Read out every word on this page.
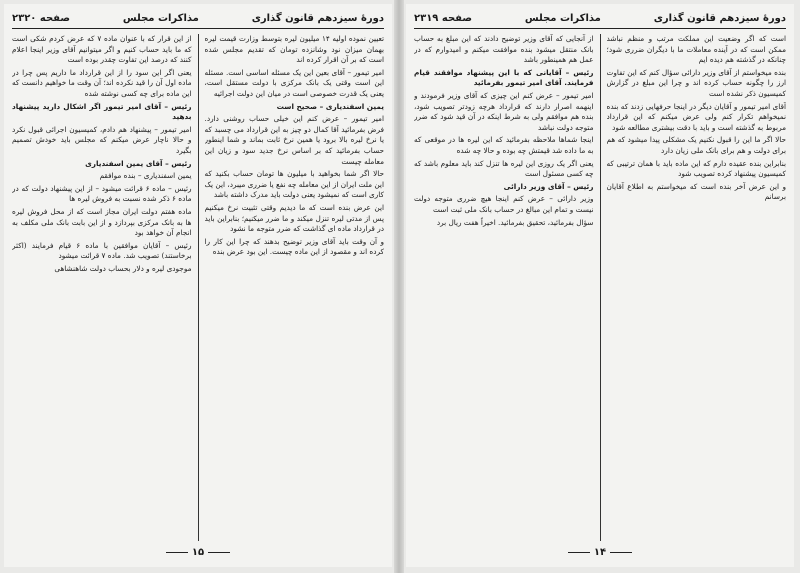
دورۀ سیزدهم قانون گذاری
مذاکرات مجلس
صفحه ۲۳۲۰

تعیین نموده اولیه ۱۴ میلیون لیره بتوسط وزارت قیمت لیره بهمان میزان نود وشانزده تومان که تقدیم مجلس شده است که بر آن اقرار کرده اند

امیر تیمور – آقای بعین این یک مسئله اساسی است. مسئله این است وقتی یک بانک مرکزی با دولت مستقل است، یعنی یک قدرت خصوصی است در میان این دولت اجرائیه

یمین اسفندیاری – صحیح است

امیر تیمور – عرض کنم این خیلی حساب روشنی دارد. فرض بفرمائید آقا کمال دو چیز به این قرارداد می چسبد که یا نرخ لیره بالا برود یا همین نرخ ثابت بماند و شما اینطور حساب بفرمائید که بر اساس نرخ جدید سود و زیان این معامله چیست

حالا اگر شما بخواهید با میلیون ها تومان حساب بکنید که این ملت ایران از این معامله چه نفع یا ضرری میبرد، این یک کاری است که نمیشود یعنی دولت باید مدرک داشته باشد

این عرض بنده است که ما دیدیم وقتی تثبیت نرخ میکنیم پس از مدتی لیره تنزل میکند و ما ضرر میکنیم؛ بنابراین باید در قرارداد ماده ای گذاشت که ضرر متوجه ما نشود

و آن وقت باید آقای وزیر توضیح بدهند که چرا این کار را کرده اند و مقصود از این ماده چیست. این بود عرض بنده

از این قرار که با عنوان ماده ۷ که عرض کردم شکی است که ما باید حساب کنیم و اگر میتوانیم آقای وزیر اینجا اعلام کنند که درصد این تفاوت چقدر بوده است

یعنی اگر این سود را از این قرارداد ما داریم پس چرا در ماده اول آن را قید نکرده اند؛ آن وقت ما خواهیم دانست که این ماده برای چه کسی نوشته شده

رئیس – آقای امیر تیمور اگر اشکال دارید پیشنهاد بدهید

امیر تیمور – پیشنهاد هم دادم، کمیسیون اجرائی قبول نکرد و حالا ناچار عرض میکنم که مجلس باید خودش تصمیم بگیرد

رئیس – آقای یمین اسفندیاری

یمین اسفندیاری – بنده موافقم

رئیس – ماده ۶ قرائت میشود – از این پیشنهاد دولت که در ماده ۶ ذکر شده نسبت به فروش لیره ها

ماده هفتم دولت ایران مجاز است که از محل فروش لیره ها به بانک مرکزی بپردازد و از این بابت بانک ملی مکلف به انجام آن خواهد بود

رئیس – آقایان موافقین با ماده ۶ قیام فرمایند (اکثر برخاستند) تصویب شد. ماده ۷ قرائت میشود

موجودی لیره و دلار بحساب دولت شاهنشاهی

۱۵
دورۀ سیزدهم قانون گذاری
مذاکرات مجلس
صفحه ۲۳۱۹

است که اگر وضعیت این مملکت مرتب و منظم نباشد ممکن است که در آینده معاملات ما با دیگران ضرری شود؛ چنانکه در گذشته هم دیده ایم

بنده میخواستم از آقای وزیر دارائی سؤال کنم که این تفاوت ارز را چگونه حساب کرده اند و چرا این مبلغ در گزارش کمیسیون ذکر نشده است

آقای امیر تیمور و آقایان دیگر در اینجا حرفهایی زدند که بنده نمیخواهم تکرار کنم ولی عرض میکنم که این قرارداد مربوط به گذشته است و باید با دقت بیشتری مطالعه شود

حالا اگر ما این را قبول نکنیم یک مشکلی پیدا میشود که هم برای دولت و هم برای بانک ملی زیان دارد

بنابراین بنده عقیده دارم که این ماده باید با همان ترتیبی که کمیسیون پیشنهاد کرده تصویب شود

و این عرض آخر بنده است که میخواستم به اطلاع آقایان برسانم

از آنجایی که آقای وزیر توضیح دادند که این مبلغ به حساب بانک منتقل میشود بنده موافقت میکنم و امیدوارم که در عمل هم همینطور باشد

رئیس – آقایانی که با این پیشنهاد موافقند قیام فرمایند. آقای امیر تیمور بفرمائید

امیر تیمور – عرض کنم این چیزی که آقای وزیر فرمودند و اینهمه اصرار دارند که قرارداد هرچه زودتر تصویب شود، بنده هم موافقم ولی به شرط اینکه در آن قید شود که ضرر متوجه دولت نباشد

اینجا شماها ملاحظه بفرمائید که این لیره ها در موقعی که به ما داده شد قیمتش چه بوده و حالا چه شده

یعنی اگر یک روزی این لیره ها تنزل کند باید معلوم باشد که چه کسی مسئول است

رئیس – آقای وزیر دارائی

وزیر دارائی – عرض کنم اینجا هیچ ضرری متوجه دولت نیست و تمام این مبالغ در حساب بانک ملی ثبت است

سؤال بفرمائید، تحقیق بفرمائید. اخیراً هفت ریال برد

۱۴
